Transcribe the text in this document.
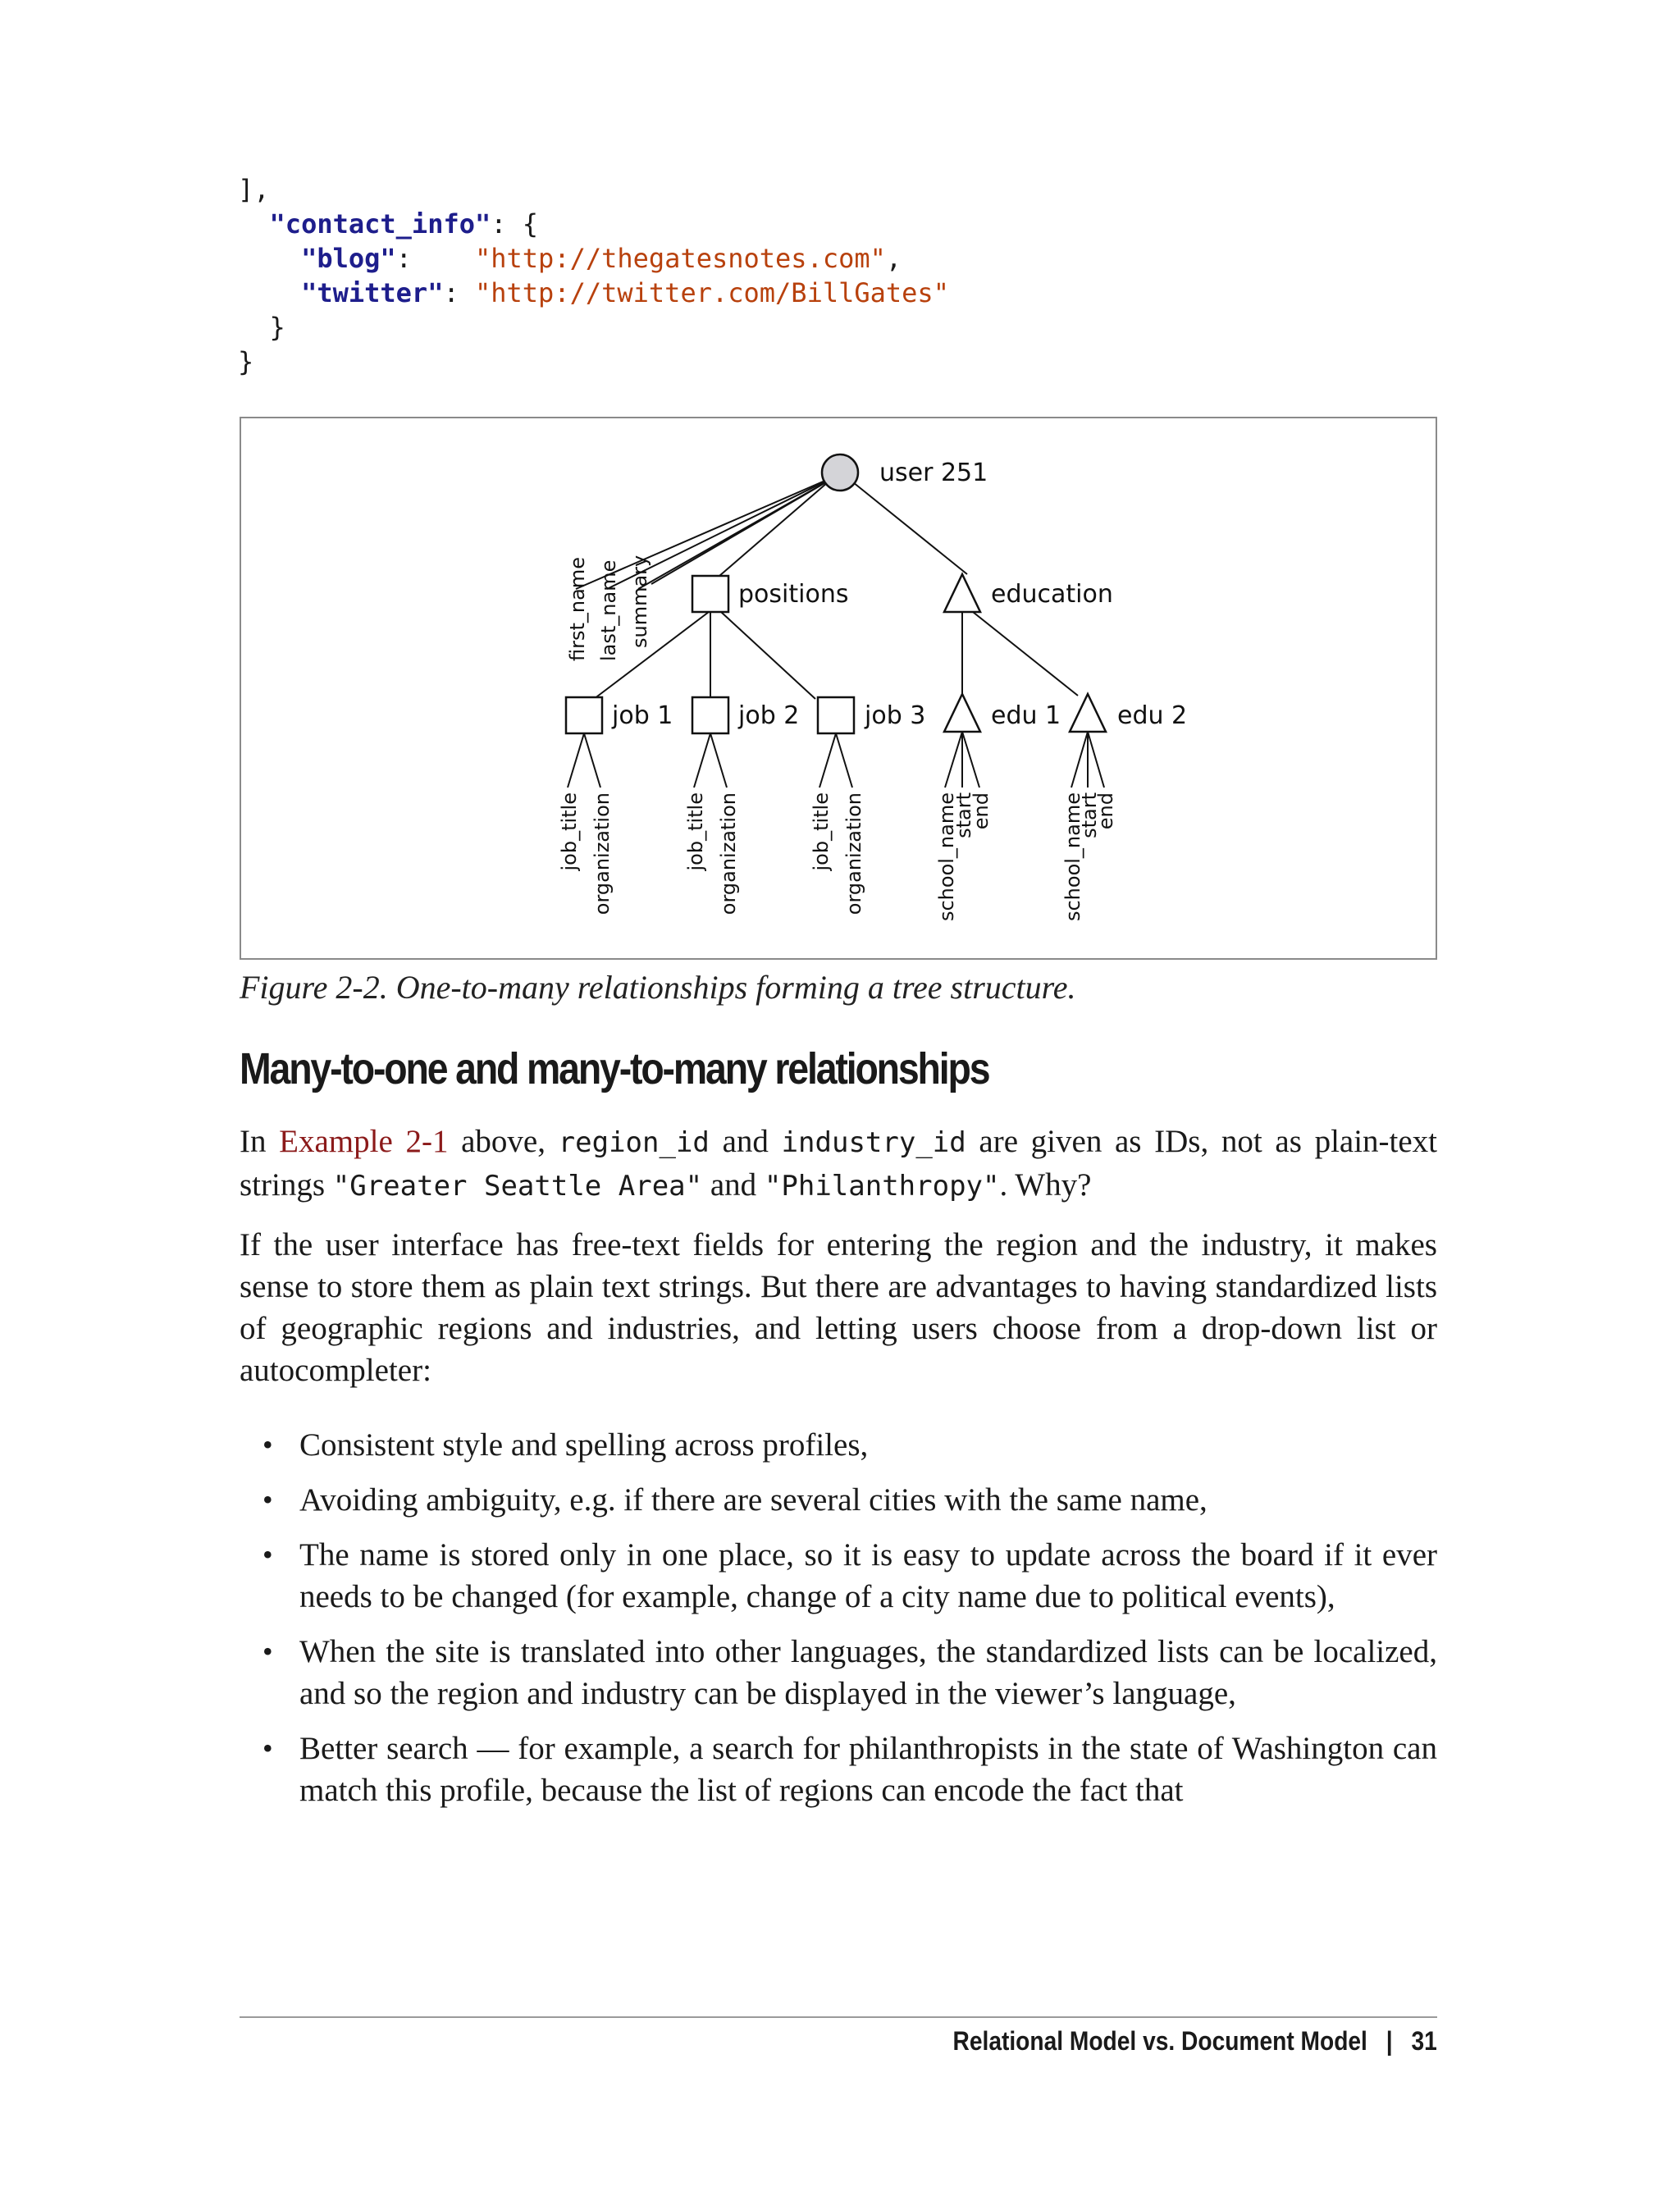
],
"contact_info": {
"blog":    "http://thegatesnotes.com",
"twitter": "http://twitter.com/BillGates"
}
}
user 251
positions	education
job 1	job 2	job 3	edu 1 edu 2
first_name last_name summary
job_title organization	job_title organization	job_title organization	school_name
start
end	school_name
start
end
Figure 2-2. One-to-many relationships forming a tree structure.
Many-to-one and many-to-many relationships

In Example 2-1 above, region_id and industry_id are given as IDs, not as plain-text strings "Greater Seattle Area" and "Philanthropy". Why?

If the user interface has free-text fields for entering the region and the industry, it makes sense to store them as plain text strings. But there are advantages to having standardized lists of geographic regions and industries, and letting users choose from a drop-down list or autocompleter:

• Consistent style and spelling across profiles,
• Avoiding ambiguity, e.g. if there are several cities with the same name,
• The name is stored only in one place, so it is easy to update across the board if it ever needs to be changed (for example, change of a city name due to political events),
• When the site is translated into other languages, the standardized lists can be localized, and so the region and industry can be displayed in the viewer’s language,
• Better search — for example, a search for philanthropists in the state of Washington can match this profile, because the list of regions can encode the fact that
Relational Model vs. Document Model | 31
